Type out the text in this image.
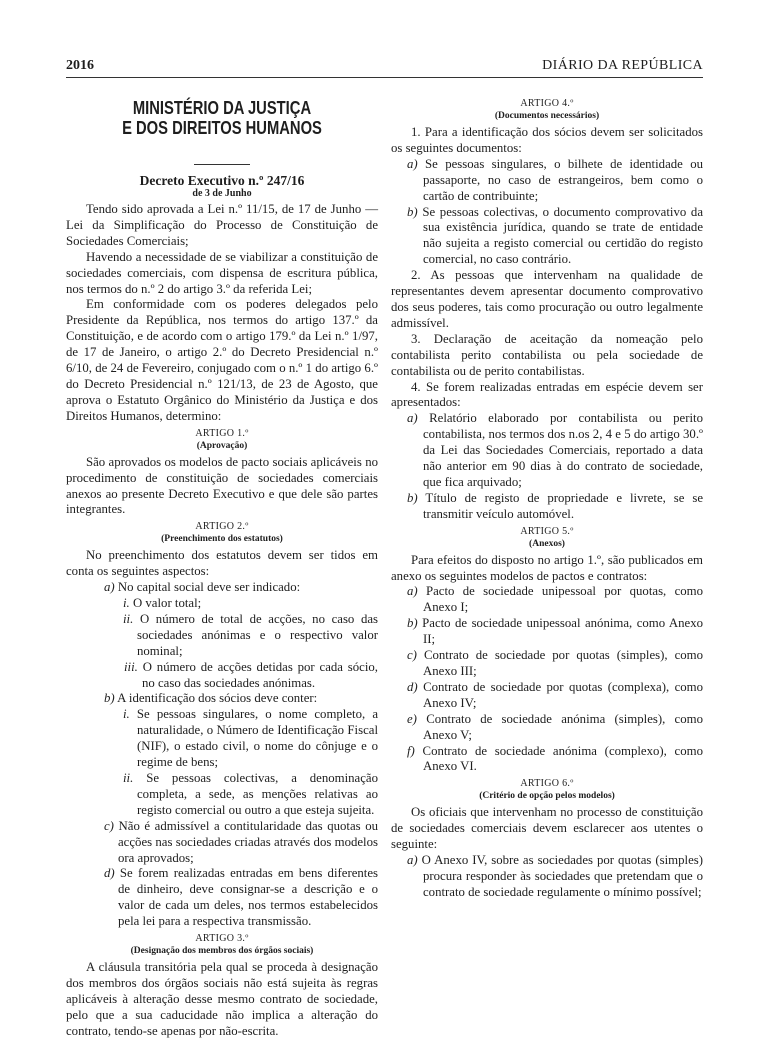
2016	DIÁRIO DA REPÚBLICA
MINISTÉRIO DA JUSTIÇA
E DOS DIREITOS HUMANOS
Decreto Executivo n.º 247/16
de 3 de Junho

Tendo sido aprovada a Lei n.º 11/15, de 17 de Junho — Lei da Simplificação do Processo de Constituição de Sociedades Comerciais;

Havendo a necessidade de se viabilizar a constituição de sociedades comerciais, com dispensa de escritura pública, nos termos do n.º 2 do artigo 3.º da referida Lei;

Em conformidade com os poderes delegados pelo Presidente da República, nos termos do artigo 137.º da Constituição, e de acordo com o artigo 179.º da Lei n.º 1/97, de 17 de Janeiro, o artigo 2.º do Decreto Presidencial n.º 6/10, de 24 de Fevereiro, conjugado com o n.º 1 do artigo 6.º do Decreto Presidencial n.º 121/13, de 23 de Agosto, que aprova o Estatuto Orgânico do Ministério da Justiça e dos Direitos Humanos, determino:

ARTIGO 1.º
(Aprovação)

São aprovados os modelos de pacto sociais aplicáveis no procedimento de constituição de sociedades comerciais anexos ao presente Decreto Executivo e que dele são partes integrantes.

ARTIGO 2.º
(Preenchimento dos estatutos)

No preenchimento dos estatutos devem ser tidos em conta os seguintes aspectos:

a) No capital social deve ser indicado:
i. O valor total;
ii. O número de total de acções, no caso das sociedades anónimas e o respectivo valor nominal;
iii. O número de acções detidas por cada sócio, no caso das sociedades anónimas.
b) A identificação dos sócios deve conter:
i. Se pessoas singulares, o nome completo, a naturalidade, o Número de Identificação Fiscal (NIF), o estado civil, o nome do cônjuge e o regime de bens;
ii. Se pessoas colectivas, a denominação completa, a sede, as menções relativas ao registo comercial ou outro a que esteja sujeita.
c) Não é admissível a contitularidade das quotas ou acções nas sociedades criadas através dos modelos ora aprovados;
d) Se forem realizadas entradas em bens diferentes de dinheiro, deve consignar-se a descrição e o valor de cada um deles, nos termos estabelecidos pela lei para a respectiva transmissão.
ARTIGO 3.º
(Designação dos membros dos órgãos sociais)

A cláusula transitória pela qual se proceda à designação dos membros dos órgãos sociais não está sujeita às regras aplicáveis à alteração desse mesmo contrato de sociedade, pelo que a sua caducidade não implica a alteração do contrato, tendo-se apenas por não-escrita.

ARTIGO 4.º
(Documentos necessários)

1. Para a identificação dos sócios devem ser solicitados os seguintes documentos:

a) Se pessoas singulares, o bilhete de identidade ou passaporte, no caso de estrangeiros, bem como o cartão de contribuinte;
b) Se pessoas colectivas, o documento comprovativo da sua existência jurídica, quando se trate de entidade não sujeita a registo comercial ou certidão do registo comercial, no caso contrário.

2. As pessoas que intervenham na qualidade de representantes devem apresentar documento comprovativo dos seus poderes, tais como procuração ou outro legalmente admissível.

3. Declaração de aceitação da nomeação pelo contabilista perito contabilista ou pela sociedade de contabilista ou de perito contabilistas.

4. Se forem realizadas entradas em espécie devem ser apresentados:

a) Relatório elaborado por contabilista ou perito contabilista, nos termos dos n.os 2, 4 e 5 do artigo 30.º da Lei das Sociedades Comerciais, reportado a data não anterior em 90 dias à do contrato de sociedade, que fica arquivado;
b) Título de registo de propriedade e livrete, se se transmitir veículo automóvel.
ARTIGO 5.º
(Anexos)

Para efeitos do disposto no artigo 1.º, são publicados em anexo os seguintes modelos de pactos e contratos:

a) Pacto de sociedade unipessoal por quotas, como Anexo I;
b) Pacto de sociedade unipessoal anónima, como Anexo II;
c) Contrato de sociedade por quotas (simples), como Anexo III;
d) Contrato de sociedade por quotas (complexa), como Anexo IV;
e) Contrato de sociedade anónima (simples), como Anexo V;
f) Contrato de sociedade anónima (complexo), como Anexo VI.
ARTIGO 6.º
(Critério de opção pelos modelos)

Os oficiais que intervenham no processo de constituição de sociedades comerciais devem esclarecer aos utentes o seguinte:

a) O Anexo IV, sobre as sociedades por quotas (simples) procura responder às sociedades que pretendam que o contrato de sociedade regulamente o mínimo possível;
